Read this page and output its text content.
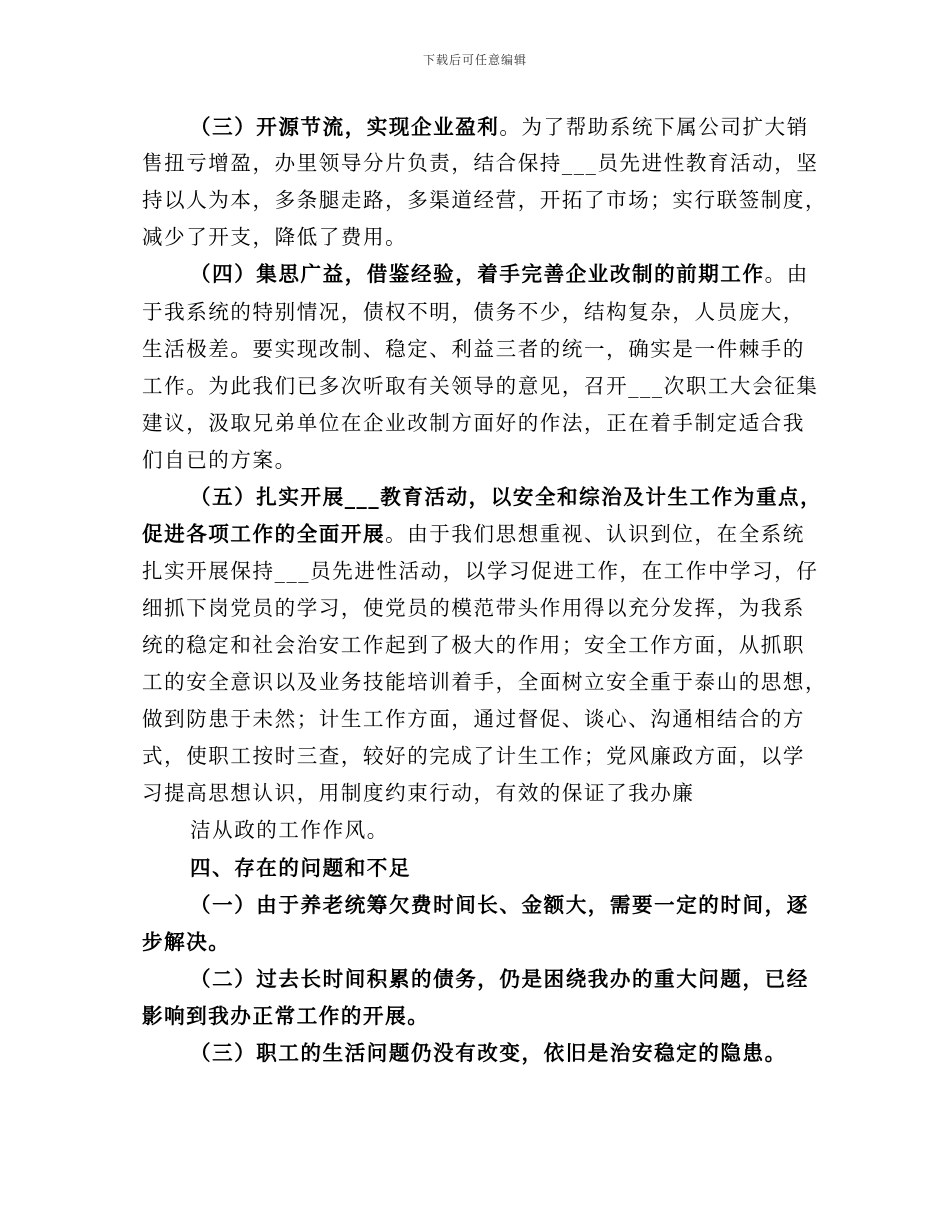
下载后可任意编辑
（三）开源节流，实现企业盈利。为了帮助系统下属公司扩大销
售扭亏增盈，办里领导分片负责，结合保持___员先进性教育活动，坚
持以人为本，多条腿走路，多渠道经营，开拓了市场；实行联签制度，
减少了开支，降低了费用。
（四）集思广益，借鉴经验，着手完善企业改制的前期工作。由
于我系统的特别情况，债权不明，债务不少，结构复杂，人员庞大，
生活极差。要实现改制、稳定、利益三者的统一，确实是一件棘手的
工作。为此我们已多次听取有关领导的意见，召开___次职工大会征集
建议，汲取兄弟单位在企业改制方面好的作法，正在着手制定适合我
们自已的方案。
（五）扎实开展___教育活动，以安全和综治及计生工作为重点，
促进各项工作的全面开展。由于我们思想重视、认识到位，在全系统
扎实开展保持___员先进性活动，以学习促进工作，在工作中学习，仔
细抓下岗党员的学习，使党员的模范带头作用得以充分发挥，为我系
统的稳定和社会治安工作起到了极大的作用；安全工作方面，从抓职
工的安全意识以及业务技能培训着手，全面树立安全重于泰山的思想，
做到防患于未然；计生工作方面，通过督促、谈心、沟通相结合的方
式，使职工按时三查，较好的完成了计生工作；党风廉政方面，以学
习提高思想认识，用制度约束行动，有效的保证了我办廉
洁从政的工作作风。
四、存在的问题和不足
（一）由于养老统筹欠费时间长、金额大，需要一定的时间，逐
步解决。
（二）过去长时间积累的债务，仍是困绕我办的重大问题，已经
影响到我办正常工作的开展。
（三）职工的生活问题仍没有改变，依旧是治安稳定的隐患。
